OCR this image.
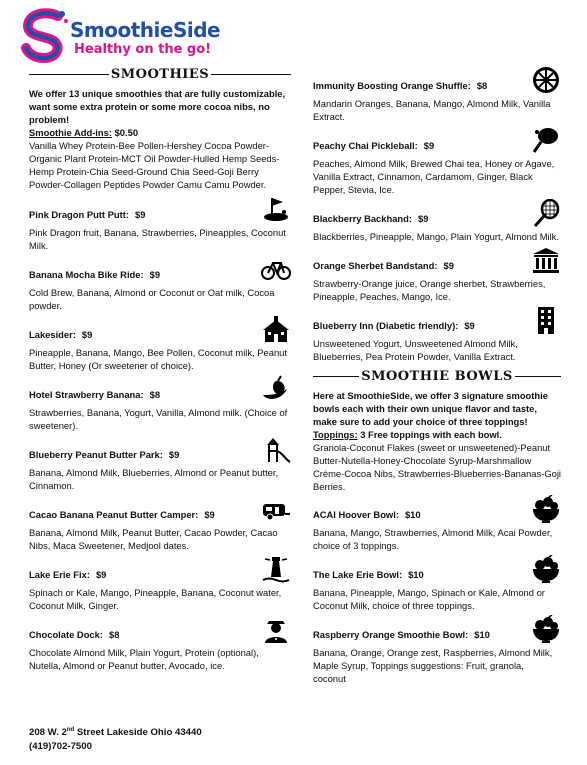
SmoothieSide
Healthy on the go!
SMOOTHIES
We offer 13 unique smoothies that are fully customizable, want some extra protein or some more cocoa nibs, no problem!
Smoothie Add-ins: $0.50
Vanilla Whey Protein-Bee Pollen-Hershey Cocoa Powder-Organic Plant Protein-MCT Oil Powder-Hulled Hemp Seeds-Hemp Protein-Chia Seed-Ground Chia Seed-Goji Berry Powder-Collagen Peptides Powder Camu Camu Powder.
Pink Dragon Putt Putt: $9
Pink Dragon fruit, Banana, Strawberries, Pineapples, Coconut Milk.
Banana Mocha Bike Ride: $9
Cold Brew, Banana, Almond or Coconut or Oat milk, Cocoa powder.
Lakesider: $9
Pineapple, Banana, Mango, Bee Pollen, Coconut milk, Peanut Butter, Honey (Or sweetener of choice).
Hotel Strawberry Banana: $8
Strawberries, Banana, Yogurt, Vanilla, Almond milk. (Choice of sweetener).
Blueberry Peanut Butter Park: $9
Banana, Almond Milk, Blueberries, Almond or Peanut butter, Cinnamon.
Cacao Banana Peanut Butter Camper: $9
Banana, Almond Milk, Peanut Butter, Cacao Powder, Cacao Nibs, Maca Sweetener, Medjool dates.
Lake Erie Fix: $9
Spinach or Kale, Mango, Pineapple, Banana, Coconut water, Coconut Milk, Ginger.
Chocolate Dock: $8
Chocolate Almond Milk, Plain Yogurt, Protein (optional), Nutella, Almond or Peanut butter, Avocado, ice.
Immunity Boosting Orange Shuffle: $8
Mandarin Oranges, Banana, Mango, Almond Milk, Vanilla Extract.
Peachy Chai Pickleball: $9
Peaches, Almond Milk, Brewed Chai tea, Honey or Agave, Vanilla Extract, Cinnamon, Cardamom, Ginger, Black Pepper, Stevia, Ice.
Blackberry Backhand: $9
Blackberries, Pineapple, Mango, Plain Yogurt, Almond Milk.
Orange Sherbet Bandstand: $9
Strawberry-Orange juice, Orange sherbet, Strawberries, Pineapple, Peaches, Mango, Ice.
Blueberry Inn (Diabetic friendly): $9
Unsweetened Yogurt, Unsweetened Almond Milk, Blueberries, Pea Protein Powder, Vanilla Extract.
SMOOTHIE BOWLS
Here at SmoothieSide, we offer 3 signature smoothie bowls each with their own unique flavor and taste, make sure to add your choice of three toppings!
Toppings: 3 Free toppings with each bowl.
Granola-Coconut Flakes (sweet or unsweetened)-Peanut Butter-Nutella-Honey-Chocolate Syrup-Marshmallow Crème-Cocoa Nibs, Strawberries-Blueberries-Bananas-Goji Berries.
ACAI Hoover Bowl: $10
Banana, Mango, Strawberries, Almond Milk, Acai Powder, choice of 3 toppings.
The Lake Erie Bowl: $10
Banana, Pineapple, Mango, Spinach or Kale, Almond or Coconut Milk, choice of three toppings.
Raspberry Orange Smoothie Bowl: $10
Banana, Orange, Orange zest, Raspberries, Almond Milk, Maple Syrup, Toppings suggestions: Fruit, granola, coconut
208 W. 2nd Street Lakeside Ohio 43440
(419)702-7500
